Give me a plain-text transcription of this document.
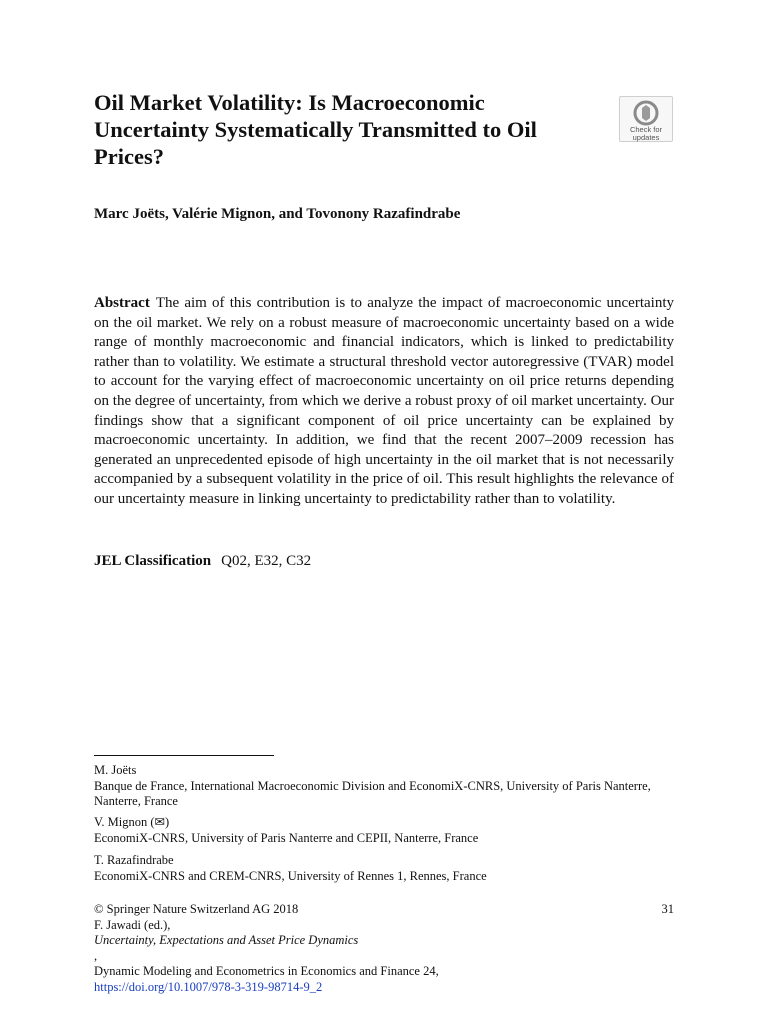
Oil Market Volatility: Is Macroeconomic Uncertainty Systematically Transmitted to Oil Prices?
Check for
updates

Marc Joëts, Valérie Mignon, and Tovonony Razafindrabe

Abstract The aim of this contribution is to analyze the impact of macroeconomic uncertainty on the oil market. We rely on a robust measure of macroeconomic uncertainty based on a wide range of monthly macroeconomic and financial indicators, which is linked to predictability rather than to volatility. We estimate a structural threshold vector autoregressive (TVAR) model to account for the varying effect of macroeconomic uncertainty on oil price returns depending on the degree of uncertainty, from which we derive a robust proxy of oil market uncertainty. Our findings show that a significant component of oil price uncertainty can be explained by macroeconomic uncertainty. In addition, we find that the recent 2007–2009 recession has generated an unprecedented episode of high uncertainty in the oil market that is not necessarily accompanied by a subsequent volatility in the price of oil. This result highlights the relevance of our uncertainty measure in linking uncertainty to predictability rather than to volatility.

JEL Classification Q02, E32, C32

M. Joëts
Banque de France, International Macroeconomic Division and EconomiX-CNRS, University of Paris Nanterre, Nanterre, France
V. Mignon (✉)
EconomiX-CNRS, University of Paris Nanterre and CEPII, Nanterre, France
T. Razafindrabe
EconomiX-CNRS and CREM-CNRS, University of Rennes 1, Rennes, France
© Springer Nature Switzerland AG 2018	31
F. Jawadi (ed.),
Uncertainty, Expectations and Asset Price Dynamics
,
Dynamic Modeling and Econometrics in Economics and Finance 24,
https://doi.org/10.1007/978-3-319-98714-9_2
